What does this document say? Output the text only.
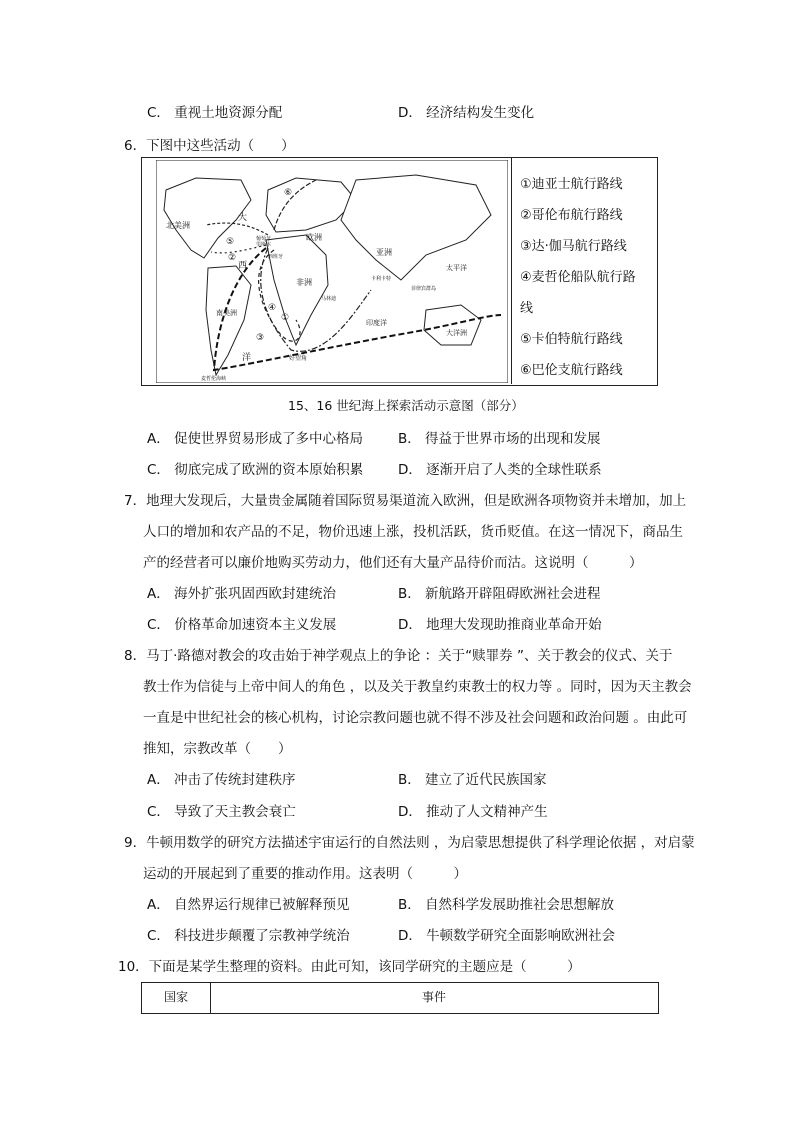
C． 重视土地资源分配	D． 经济结构发生变化
6．下图中这些活动（　　）
北美洲
大
西
洋
欧洲
亚洲
非洲
南美洲
太平洋
印度洋
大洋洲
好望角
麦哲伦海峡
菲律宾群岛
西班牙
葡萄牙
里斯本
马林迪
卡利卡特
①
②
③
④
⑤
⑥
①迪亚士航行路线
②哥伦布航行路线
③达·伽马航行路线
④麦哲伦船队航行路
线
⑤卡伯特航行路线
⑥巴伦支航行路线
15、16 世纪海上探索活动示意图（部分）
A． 促使世界贸易形成了多中心格局	B． 得益于世界市场的出现和发展
C． 彻底完成了欧洲的资本原始积累	D． 逐渐开启了人类的全球性联系
7．地理大发现后，大量贵金属随着国际贸易渠道流入欧洲，但是欧洲各项物资并未增加，加上
人口的增加和农产品的不足，物价迅速上涨，投机活跃，货币贬值。在这一情况下，商品生
产的经营者可以廉价地购买劳动力，他们还有大量产品待价而沽。这说明（　　　）
A． 海外扩张巩固西欧封建统治	B． 新航路开辟阻碍欧洲社会进程
C． 价格革命加速资本主义发展	D． 地理大发现助推商业革命开始
8．马丁·路德对教会的攻击始于神学观点上的争论 ：关于“赎罪券 ”、关于教会的仪式、关于
教士作为信徒与上帝中间人的角色 ，以及关于教皇约束教士的权力等 。同时，因为天主教会
一直是中世纪社会的核心机构，讨论宗教问题也就不得不涉及社会问题和政治问题 。由此可
推知，宗教改革（　　）
A． 冲击了传统封建秩序	B． 建立了近代民族国家
C． 导致了天主教会衰亡	D． 推动了人文精神产生
9．牛顿用数学的研究方法描述宇宙运行的自然法则 ，为启蒙思想提供了科学理论依据 ，对启蒙
运动的开展起到了重要的推动作用。这表明（　　　）
A． 自然界运行规律已被解释预见	B． 自然科学发展助推社会思想解放
C． 科技进步颠覆了宗教神学统治	D． 牛顿数学研究全面影响欧洲社会
10．下面是某学生整理的资料。由此可知，该同学研究的主题应是（　　　）
国家	事件
